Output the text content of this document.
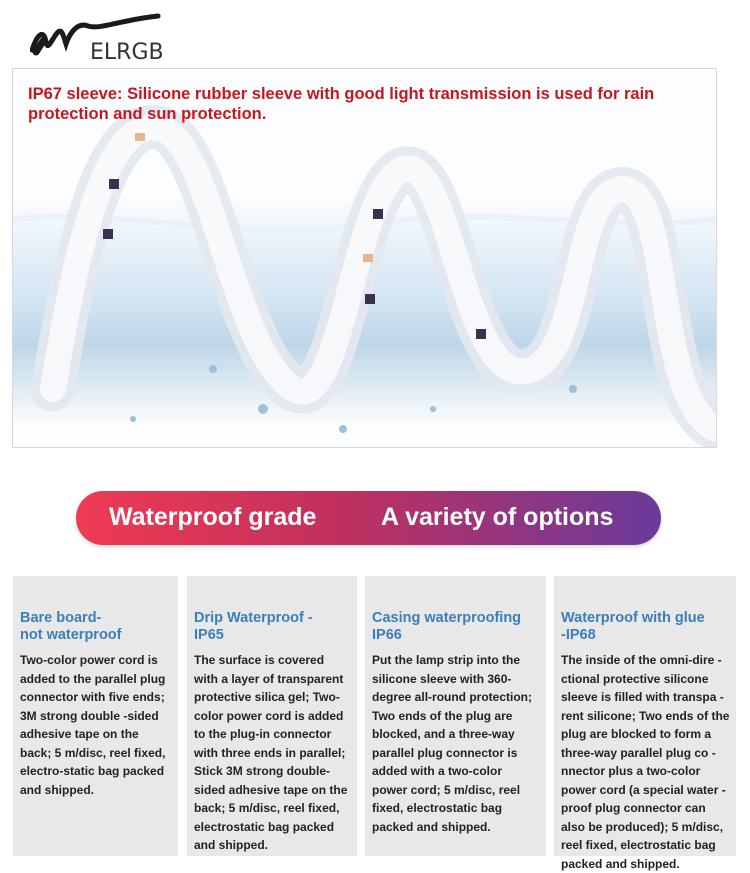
ELRGB
IP67 sleeve: Silicone rubber sleeve with good light transmission is used for rain protection and sun protection.
Waterproof grade	A variety of options
Bare board-
not waterproof
Two-color power cord is added to the parallel plug connector with five ends; 3M strong double -sided adhesive tape on the back; 5 m/disc, reel fixed, electro-static bag packed and shipped.
Drip Waterproof -
IP65
The surface is covered with a layer of transparent protective silica gel; Two-color power cord is added to the plug-in connector with three ends in parallel; Stick 3M strong double-sided adhesive tape on the back; 5 m/disc, reel fixed, electrostatic bag packed and shipped.
Casing waterproofing
IP66
Put the lamp strip into the silicone sleeve with 360-degree all-round protection; Two ends of the plug are blocked, and a three-way parallel plug connector is added with a two-color power cord; 5 m/disc, reel fixed, electrostatic bag packed and shipped.
Waterproof with glue
-IP68
The inside of the omni-dire -ctional protective silicone sleeve is filled with transpa -rent silicone; Two ends of the plug are blocked to form a three-way parallel plug co -nnector plus a two-color power cord (a special water -proof plug connector can also be produced); 5 m/disc, reel fixed, electrostatic bag packed and shipped.
